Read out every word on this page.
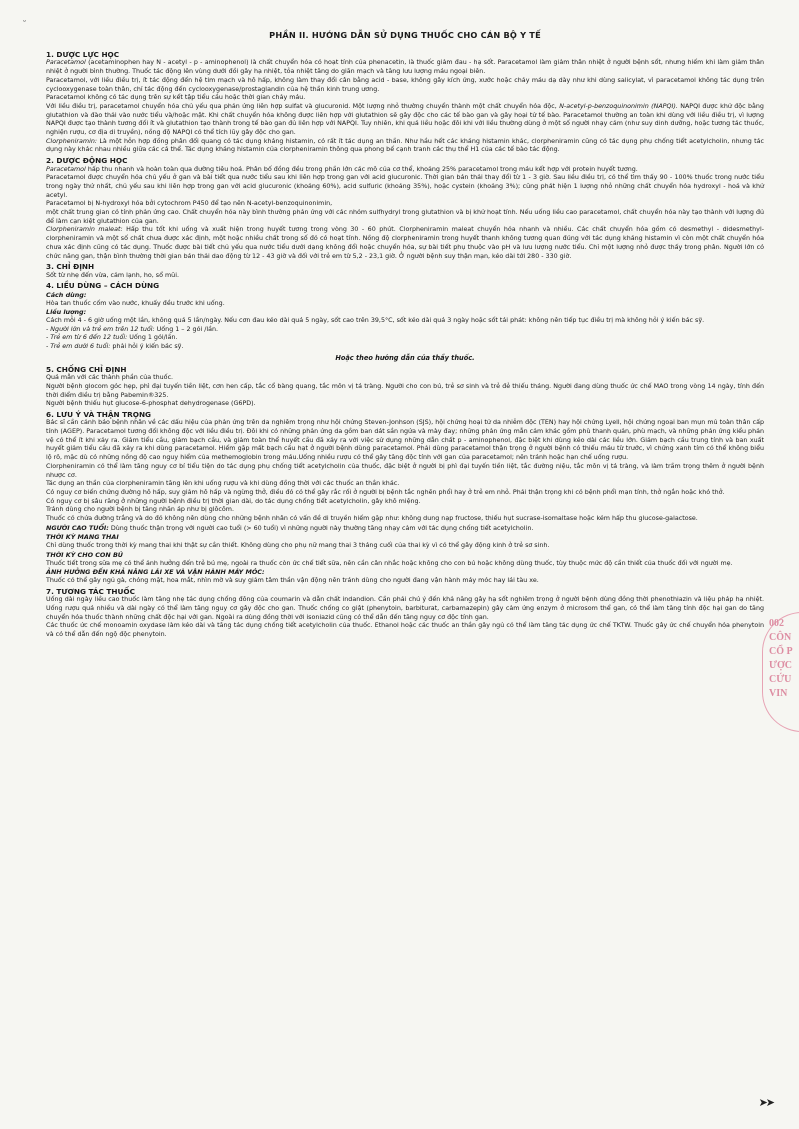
˘
PHẦN II. HƯỚNG DẪN SỬ DỤNG THUỐC CHO CÁN BỘ Y TẾ
1. DƯỢC LỰC HỌC
Paracetamol (acetaminophen hay N - acetyl - p - aminophenol) là chất chuyển hóa có hoạt tính của phenacetin, là thuốc giảm đau - hạ sốt. Paracetamol làm giảm thân nhiệt ở người bệnh sốt, nhưng hiếm khi làm giảm thân nhiệt ở người bình thường. Thuốc tác động lên vùng dưới đồi gây hạ nhiệt, tỏa nhiệt tăng do giãn mạch và tăng lưu lượng máu ngoại biên.
Paracetamol, với liều điều trị, ít tác động đến hệ tim mạch và hô hấp, không làm thay đổi cân bằng acid - base, không gây kích ứng, xước hoặc chảy máu dạ dày như khi dùng salicylat, vì paracetamol không tác dụng trên cyclooxygenase toàn thân, chỉ tác động đến cyclooxygenase/prostaglandin của hệ thần kinh trung ương.
Paracetamol không có tác dụng trên sự kết tập tiểu cầu hoặc thời gian chảy máu.
Với liều điều trị, paracetamol chuyển hóa chủ yếu qua phản ứng liên hợp sulfat và glucuronid. Một lượng nhỏ thường chuyển thành một chất chuyển hóa độc, N-acetyl-p-benzoquinonimin (NAPQI). NAPQI được khử độc bằng glutathion và đào thải vào nước tiểu và/hoặc mật. Khi chất chuyển hóa không được liên hợp với glutathion sẽ gây độc cho các tế bào gan và gây hoại tử tế bào. Paracetamol thường an toàn khi dùng với liều điều trị, vì lượng NAPQI được tạo thành tương đối ít và glutathion tạo thành trong tế bào gan đủ liên hợp với NAPQI. Tuy nhiên, khi quá liều hoặc đôi khi với liều thường dùng ở một số người nhạy cảm (như suy dinh dưỡng, hoặc tương tác thuốc, nghiện rượu, cơ địa di truyền), nồng độ NAPQI có thể tích lũy gây độc cho gan.
Clorpheniramin: Là một hỗn hợp đồng phân đối quang có tác dụng kháng histamin, có rất ít tác dụng an thần. Như hầu hết các kháng histamin khác, clorpheniramin cũng có tác dụng phụ chống tiết acetylcholin, nhưng tác dụng này khác nhau nhiều giữa các cá thể. Tác dụng kháng histamin của clorpheniramin thông qua phong bế cạnh tranh các thụ thể H1 của các tế bào tác động.
2. DƯỢC ĐỘNG HỌC
Paracetamol hấp thu nhanh và hoàn toàn qua đường tiêu hoá. Phân bố đồng đều trong phần lớn các mô của cơ thể, khoảng 25% paracetamol trong máu kết hợp với protein huyết tương.
Paracetamol được chuyển hóa chủ yếu ở gan và bài tiết qua nước tiểu sau khi liên hợp trong gan với acid glucuronic. Thời gian bán thải thay đổi từ 1 - 3 giờ. Sau liều điều trị, có thể tìm thấy 90 - 100% thuốc trong nước tiểu trong ngày thứ nhất, chủ yếu sau khi liên hợp trong gan với acid glucuronic (khoảng 60%), acid sulfuric (khoảng 35%), hoặc cystein (khoảng 3%); cũng phát hiện 1 lượng nhỏ những chất chuyển hóa hydroxyl - hoá và khử acetyl.
Paracetamol bị N-hydroxyl hóa bởi cytochrom P450 để tạo nên N-acetyl-benzoquinonimin,
một chất trung gian có tính phản ứng cao. Chất chuyển hóa này bình thường phản ứng với các nhóm sulfhydryl trong glutathion và bị khử hoạt tính. Nếu uống liều cao paracetamol, chất chuyển hóa này tạo thành với lượng đủ để làm cạn kiệt glutathion của gan.
Clorpheniramin maleat: Hấp thu tốt khi uống và xuất hiện trong huyết tương trong vòng 30 - 60 phút. Clorpheniramin maleat chuyển hóa nhanh và nhiều. Các chất chuyển hóa gồm có desmethyl - didesmethyl- clorpheniramin và một số chất chưa được xác định, một hoặc nhiều chất trong số đó có hoạt tính. Nồng độ clorpheniramin trong huyết thanh không tương quan đúng với tác dụng kháng histamin vì còn một chất chuyển hóa chưa xác định cũng có tác dụng. Thuốc được bài tiết chủ yếu qua nước tiểu dưới dạng không đổi hoặc chuyển hóa, sự bài tiết phụ thuộc vào pH và lưu lượng nước tiểu. Chỉ một lượng nhỏ được thấy trong phân. Người lớn có chức năng gan, thận bình thường thời gian bán thải dao động từ 12 - 43 giờ và đối với trẻ em từ 5,2 - 23,1 giờ. Ở người bệnh suy thận mạn, kéo dài tới 280 - 330 giờ.
3. CHỈ ĐỊNH
Sốt từ nhẹ đến vừa, cảm lạnh, ho, sổ mũi.
4. LIỀU DÙNG – CÁCH DÙNG
Cách dùng:
Hòa tan thuốc cốm vào nước, khuấy đều trước khi uống.
Liều lượng:
Cách mỗi 4 - 6 giờ uống một lần, không quá 5 lần/ngày. Nếu cơn đau kéo dài quá 5 ngày, sốt cao trên 39,5°C, sốt kéo dài quá 3 ngày hoặc sốt tái phát: không nên tiếp tục điều trị mà không hỏi ý kiến bác sỹ.
- Người lớn và trẻ em trên 12 tuổi: Uống 1 – 2 gói /lần.
- Trẻ em từ 6 đến 12 tuổi: Uống 1 gói/lần.
- Trẻ em dưới 6 tuổi: phải hỏi ý kiến bác sỹ.
Hoặc theo hướng dẫn của thầy thuốc.
5. CHỐNG CHỈ ĐỊNH
Quá mẫn với các thành phần của thuốc.
Người bệnh glocom góc hẹp, phì đại tuyến tiền liệt, cơn hen cấp, tắc cổ bàng quang, tắc môn vị tá tràng. Người cho con bú, trẻ sơ sinh và trẻ đẻ thiếu tháng. Người đang dùng thuốc ức chế MAO trong vòng 14 ngày, tính đến thời điểm điều trị bằng Pabemin®325.
Người bệnh thiếu hụt glucose-6-phosphat dehydrogenase (G6PD).
6. LƯU Ý VÀ THẬN TRỌNG
Bác sĩ cần cảnh báo bệnh nhân về các dấu hiệu của phản ứng trên da nghiêm trọng như hội chứng Steven-Jonhson (SJS), hội chứng hoại tử da nhiễm độc (TEN) hay hội chứng Lyell, hội chứng ngoại ban mụn mủ toàn thân cấp tính (AGEP). Paracetamol tương đối không độc với liều điều trị. Đôi khi có những phản ứng da gồm ban dát sần ngứa và mày đay; những phản ứng mẫn cảm khác gồm phù thanh quản, phù mạch, và những phản ứng kiểu phản vệ có thể ít khi xảy ra. Giảm tiểu cầu, giảm bạch cầu, và giảm toàn thể huyết cầu đã xảy ra với việc sử dụng những dẫn chất p - aminophenol, đặc biệt khi dùng kéo dài các liều lớn. Giảm bạch cầu trung tính và ban xuất huyết giảm tiểu cầu đã xảy ra khi dùng paracetamol. Hiếm gặp mất bạch cầu hạt ở người bệnh dùng paracetamol. Phải dùng paracetamol thận trọng ở người bệnh có thiếu máu từ trước, vì chứng xanh tím có thể không biểu lộ rõ, mặc dù có những nồng độ cao nguy hiểm của methemoglobin trong máu.Uống nhiều rượu có thể gây tăng độc tính với gan của paracetamol; nên tránh hoặc hạn chế uống rượu.
Clorpheniramin có thể làm tăng nguy cơ bí tiểu tiện do tác dụng phụ chống tiết acetylcholin của thuốc, đặc biệt ở người bị phì đại tuyến tiền liệt, tắc đường niệu, tắc môn vị tá tràng, và làm trầm trọng thêm ở người bệnh nhược cơ.
Tác dụng an thần của clorpheniramin tăng lên khi uống rượu và khi dùng đồng thời với các thuốc an thần khác.
Có nguy cơ biến chứng đường hô hấp, suy giảm hô hấp và ngừng thở, điều đó có thể gây rắc rối ở người bị bệnh tắc nghẽn phổi hay ở trẻ em nhỏ. Phải thận trọng khi có bệnh phổi mạn tính, thở ngắn hoặc khó thở.
Có nguy cơ bị sâu răng ở những người bệnh điều trị thời gian dài, do tác dụng chống tiết acetylcholin, gây khô miệng.
Tránh dùng cho người bệnh bị tăng nhãn áp như bị glôcôm.
Thuốc có chứa đường trắng và do đó không nên dùng cho những bệnh nhân có vấn đề di truyền hiếm gặp như: không dung nạp fructose, thiếu hụt sucrase-isomaltase hoặc kém hấp thu glucose-galactose.
NGƯỜI CAO TUỔI: Dùng thuốc thận trọng với người cao tuổi (> 60 tuổi) vì những người này thường tăng nhạy cảm với tác dụng chống tiết acetylcholin.
THỜI KỲ MANG THAI
Chỉ dùng thuốc trong thời kỳ mang thai khi thật sự cần thiết. Không dùng cho phụ nữ mang thai 3 tháng cuối của thai kỳ vì có thể gây động kinh ở trẻ sơ sinh.
THỜI KỲ CHO CON BÚ
Thuốc tiết trong sữa mẹ có thể ảnh hưởng đến trẻ bú mẹ, ngoài ra thuốc còn ức chế tiết sữa, nên cần cân nhắc hoặc không cho con bú hoặc không dùng thuốc, tùy thuộc mức độ cần thiết của thuốc đối với người mẹ.
ẢNH HƯỞNG ĐẾN KHẢ NĂNG LÁI XE VÀ VẬN HÀNH MÁY MÓC:
Thuốc có thể gây ngủ gà, chóng mặt, hoa mắt, nhìn mờ và suy giảm tâm thần vận động nên tránh dùng cho người đang vận hành máy móc hay lái tàu xe.
7. TƯƠNG TÁC THUỐC
Uống dài ngày liều cao thuốc làm tăng nhẹ tác dụng chống đông của coumarin và dẫn chất indandion. Cần phải chú ý đến khả năng gây hạ sốt nghiêm trọng ở người bệnh dùng đồng thời phenothiazin và liệu pháp hạ nhiệt. Uống rượu quá nhiều và dài ngày có thể làm tăng nguy cơ gây độc cho gan. Thuốc chống co giật (phenytoin, barbiturat, carbamazepin) gây cảm ứng enzym ở microsom thể gan, có thể làm tăng tính độc hại gan do tăng chuyển hóa thuốc thành những chất độc hại với gan. Ngoài ra dùng đồng thời với isoniazid cũng có thể dẫn đến tăng nguy cơ độc tính gan.
Các thuốc ức chế monoamin oxydase làm kéo dài và tăng tác dụng chống tiết acetylcholin của thuốc. Ethanol hoặc các thuốc an thần gây ngủ có thể làm tăng tác dụng ức chế TKTW. Thuốc gây ức chế chuyển hóa phenytoin và có thể dẫn đến ngộ độc phenytoin.
002
CÔN
CỔ P
ƯỢC
CỨU
VIN
➤➤
